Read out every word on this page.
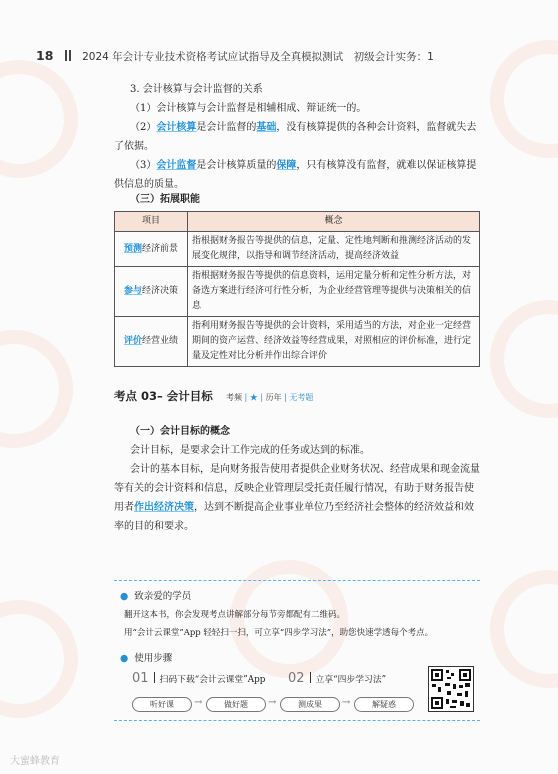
18	2024 年会计专业技术资格考试应试指导及全真模拟测试　初级会计实务：1
3. 会计核算与会计监督的关系
（1）会计核算与会计监督是相辅相成、辩证统一的。
（2）会计核算是会计监督的基础，没有核算提供的各种会计资料，监督就失去了依据。
（3）会计监督是会计核算质量的保障，只有核算没有监督，就难以保证核算提供信息的质量。
（三）拓展职能
项目	概念
预测经济前景	指根据财务报告等提供的信息，定量、定性地判断和推测经济活动的发展变化规律，以指导和调节经济活动，提高经济效益
参与经济决策	指根据财务报告等提供的信息资料，运用定量分析和定性分析方法，对备选方案进行经济可行性分析，为企业经营管理等提供与决策相关的信息
评价经营业绩	指利用财务报告等提供的会计资料，采用适当的方法，对企业一定经营期间的资产运营、经济效益等经营成果，对照相应的评价标准，进行定量及定性对比分析并作出综合评价
考点 03– 会计目标 考频 | ★ | 历年 | 无考题
（一）会计目标的概念
会计目标，是要求会计工作完成的任务或达到的标准。
会计的基本目标，是向财务报告使用者提供企业财务状况、经营成果和现金流量等有关的会计资料和信息，反映企业管理层受托责任履行情况，有助于财务报告使用者作出经济决策，达到不断提高企业事业单位乃至经济社会整体的经济效益和效率的目的和要求。
● 致亲爱的学员
翻开这本书，你会发现考点讲解部分每节旁都配有二维码。
用“会计云课堂”App 轻轻扫一扫，可立享“四步学习法”，助您快速学透每个考点。
● 使用步骤
01 扫码下载“会计云课堂”App 02 立享“四步学习法”
听好课	→	做好题	→	测成果	→	解疑惑
大蜜蜂教育
